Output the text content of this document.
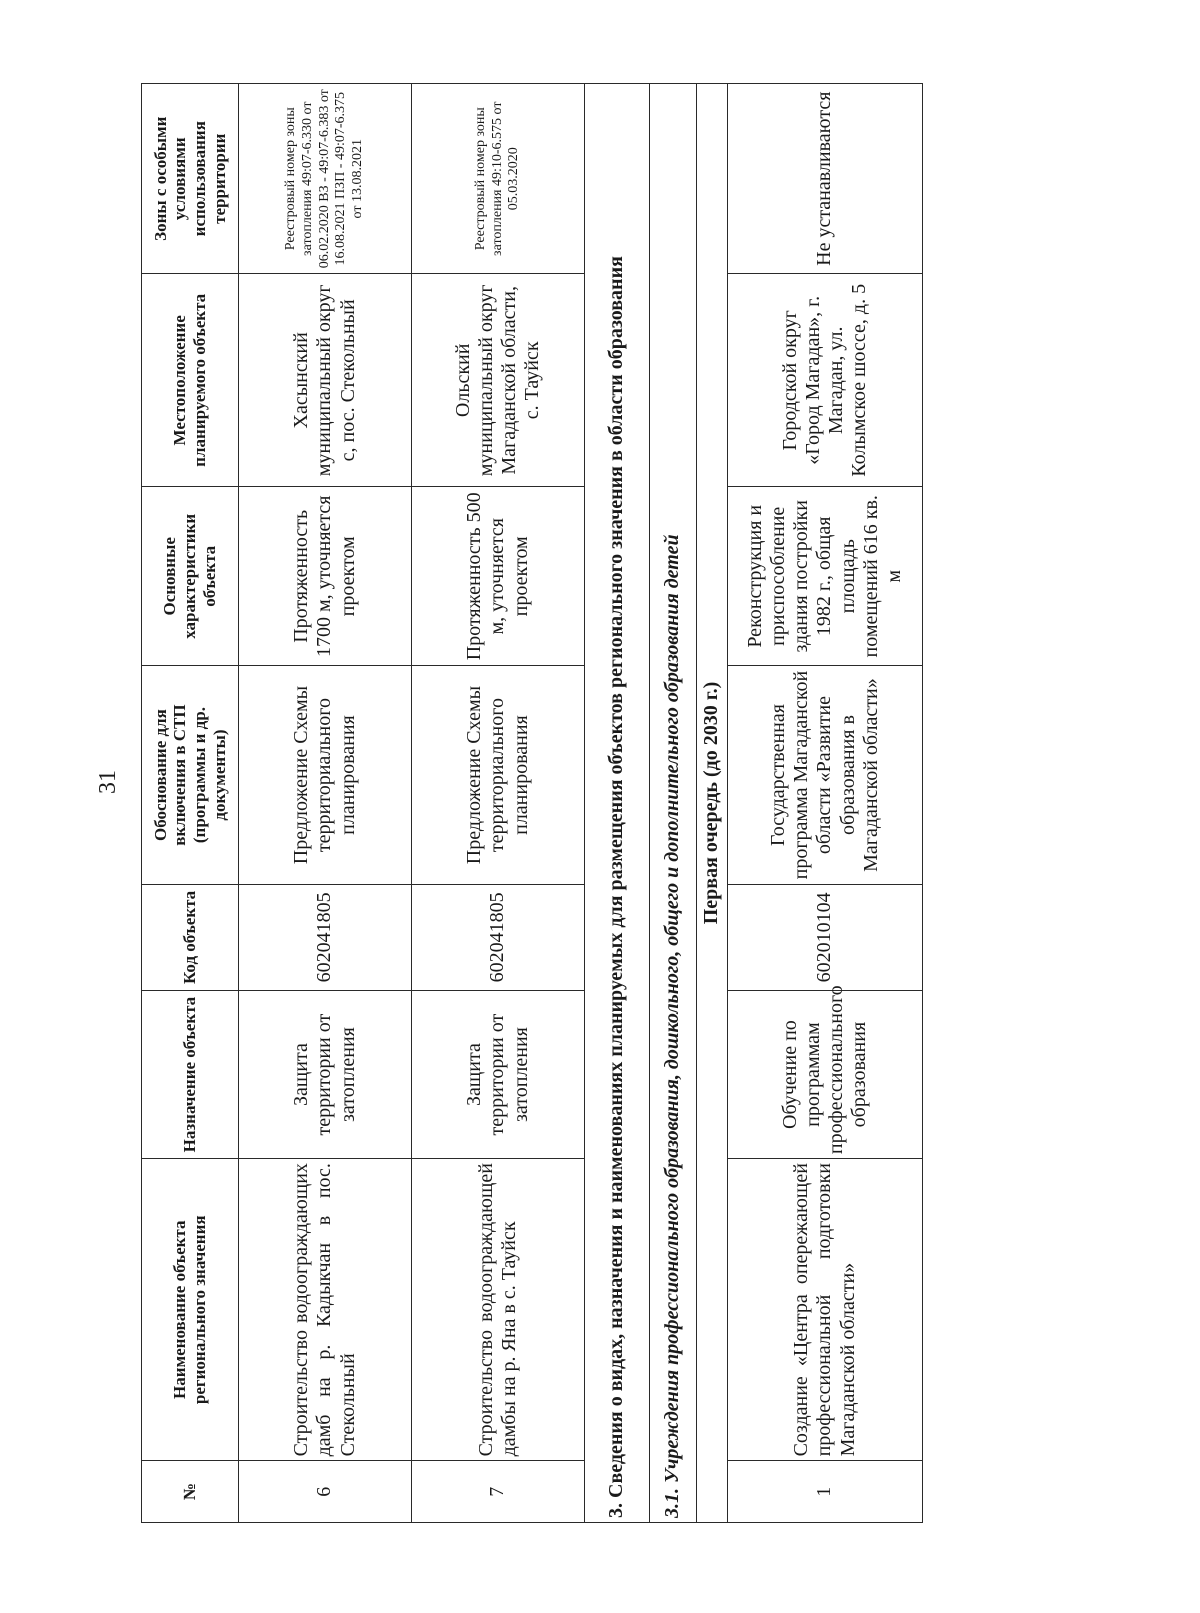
31
№	Наименование объекта регионального значения	Назначение объекта	Код объекта	Обоснование для включения в СТП (программы и др. документы)	Основные характеристики объекта	Местоположение планируемого объекта	Зоны с особыми условиями использования территории
6	Строительство водоограждающих дамб на р. Кадыкчан в пос. Стекольный	Защита территории от затопления	602041805	Предложение Схемы территориального планирования	Протяженность 1700 м, уточняется проектом	Хасынский муниципальный округ с, пос. Стекольный	Реестровый номер зоны затопления 49:07-6.330 от 06.02.2020 ВЗ - 49:07-6.383 от 16.08.2021 ПЗП - 49:07-6.375 от 13.08.2021
7	Строительство водоограждающей дамбы на р. Яна в с. Тауйск	Защита территории от затопления	602041805	Предложение Схемы территориального планирования	Протяженность 500 м, уточняется проектом	Ольский муниципальный округ Магаданской области, с. Тауйск	Реестровый номер зоны затопления 49:10-6.575 от 05.03.2020
3. Сведения о видах, назначения и наименованиях планируемых для размещения объектов регионального значения в области образования							
3.1. Учреждения профессионального образования, дошкольного, общего и дополнительного образования детей							
Первая очередь (до 2030 г.)							
1	Создание «Центра опережающей профессиональной подготовки Магаданской области»	Обучение по программам профессионального образования	602010104	Государственная программа Магаданской области «Развитие образования в Магаданской области»	Реконструкция и приспособление здания постройки 1982 г., общая площадь помещений 616 кв. м	Городской округ «Город Магадан», г. Магадан, ул. Колымское шоссе, д. 5	Не устанавливаются
